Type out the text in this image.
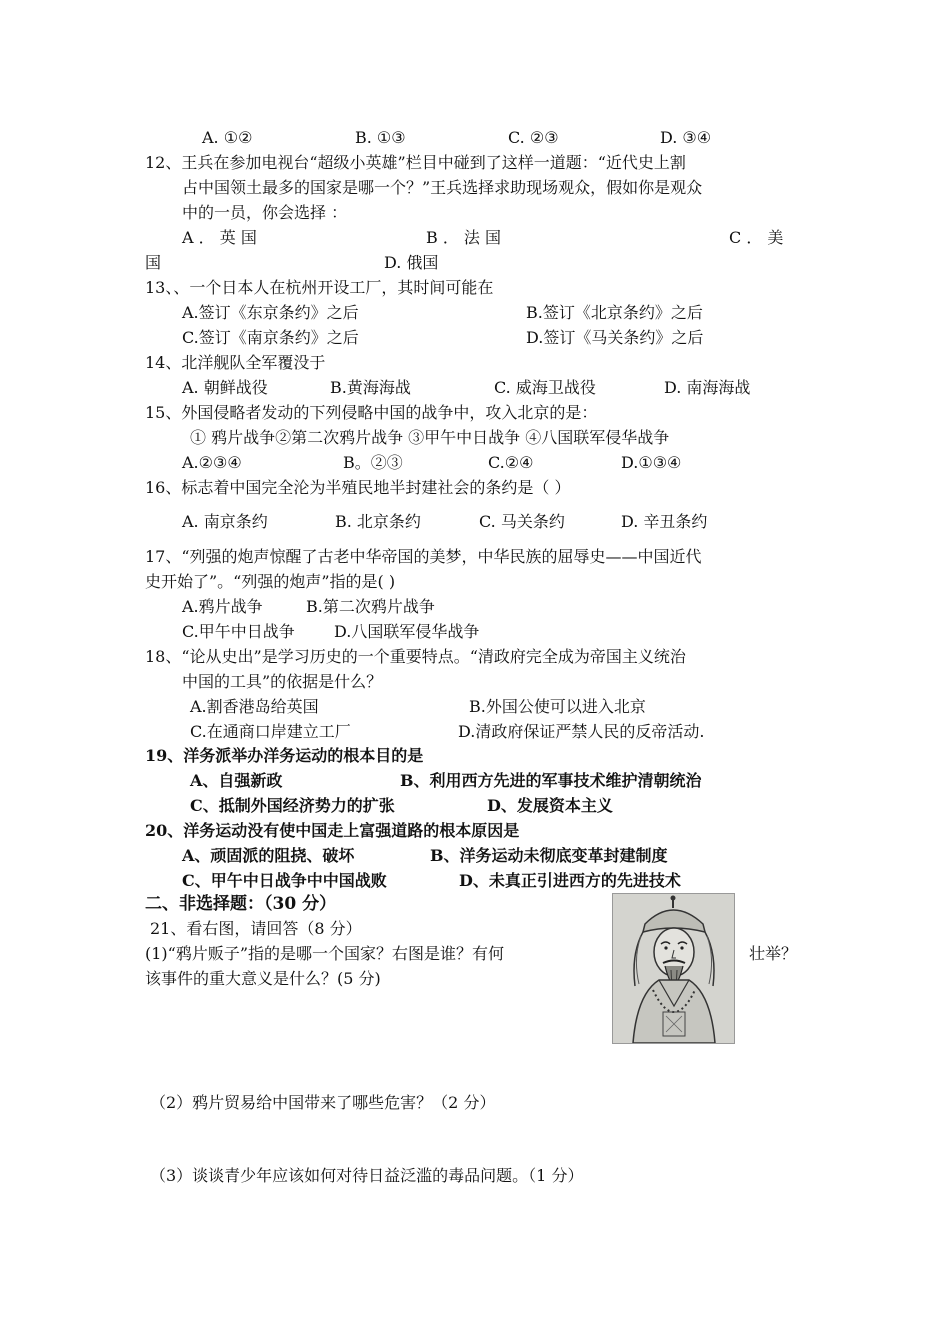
A. ①②	B. ①③	C. ②③	D. ③④
12、王兵在参加电视台“超级小英雄”栏目中碰到了这样一道题：“近代史上割
占中国领土最多的国家是哪一个？”王兵选择求助现场观众，假如你是观众
中的一员，你会选择 ：
A ． 英 国	B ． 法 国	C ． 美
国	D. 俄国
13、、一个日本人在杭州开设工厂，其时间可能在
A.签订《东京条约》之后	B.签订《北京条约》之后
C.签订《南京条约》之后	D.签订《马关条约》之后
14、北洋舰队全军覆没于
A. 朝鲜战役	B.黄海海战	C. 威海卫战役	D. 南海海战
15、外国侵略者发动的下列侵略中国的战争中，攻入北京的是：
① 鸦片战争②第二次鸦片战争 ③甲午中日战争 ④八国联军侵华战争
A.②③④	B。②③	C.②④	D.①③④
16、标志着中国完全沦为半殖民地半封建社会的条约是（ ）
A. 南京条约	B. 北京条约	C. 马关条约	D. 辛丑条约
17、“列强的炮声惊醒了古老中华帝国的美梦，中华民族的屈辱史——中国近代
史开始了”。“列强的炮声”指的是( )
A.鸦片战争	B.第二次鸦片战争
C.甲午中日战争 D.八国联军侵华战争
18、“论从史出”是学习历史的一个重要特点。“清政府完全成为帝国主义统治
中国的工具”的依据是什么？
A.割香港岛给英国	B.外国公使可以进入北京
C.在通商口岸建立工厂	D.清政府保证严禁人民的反帝活动.
19、洋务派举办洋务运动的根本目的是
A、自强新政	B、利用西方先进的军事技术维护清朝统治
C、抵制外国经济势力的扩张	D、发展资本主义
20、洋务运动没有使中国走上富强道路的根本原因是
A、顽固派的阻挠、破坏	B、洋务运动未彻底变革封建制度
C、甲午中日战争中中国战败	D、未真正引进西方的先进技术
二、非选择题：（30 分）
21、看右图，请回答（8 分）
(1)“鸦片贩子”指的是哪一个国家？右图是谁？有何	壮举？
该事件的重大意义是什么？(5 分)
（2）鸦片贸易给中国带来了哪些危害？（2 分）
（3）谈谈青少年应该如何对待日益泛滥的毒品问题。（1 分）
